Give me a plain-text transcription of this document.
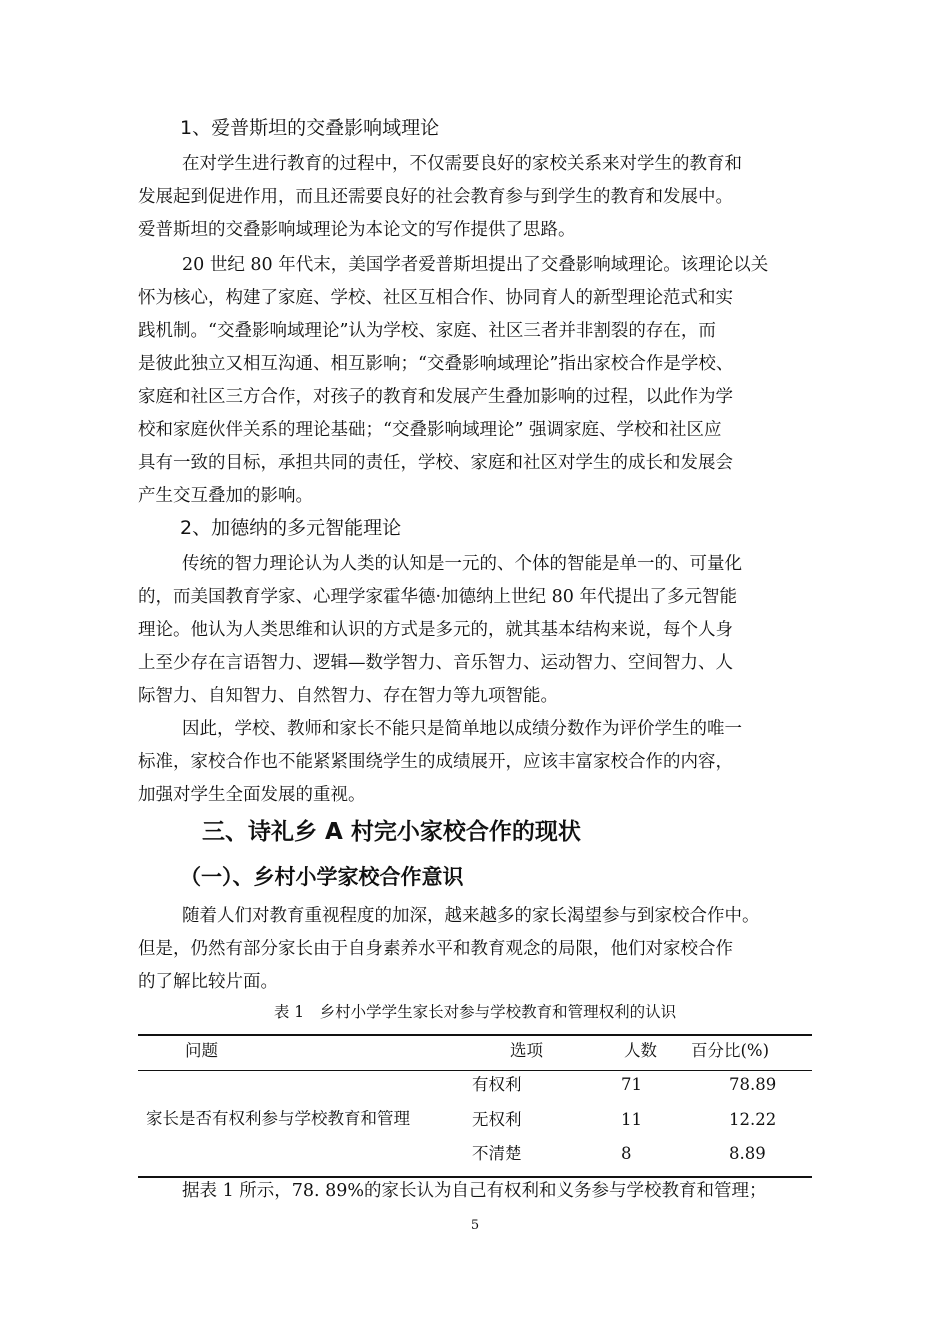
1、爱普斯坦的交叠影响域理论
在对学生进行教育的过程中，不仅需要良好的家校关系来对学生的教育和
发展起到促进作用，而且还需要良好的社会教育参与到学生的教育和发展中。
爱普斯坦的交叠影响域理论为本论文的写作提供了思路。
20 世纪 80 年代末，美国学者爱普斯坦提出了交叠影响域理论。该理论以关
怀为核心，构建了家庭、学校、社区互相合作、协同育人的新型理论范式和实
践机制。“交叠影响域理论”认为学校、家庭、社区三者并非割裂的存在，而
是彼此独立又相互沟通、相互影响；“交叠影响域理论”指出家校合作是学校、
家庭和社区三方合作，对孩子的教育和发展产生叠加影响的过程，以此作为学
校和家庭伙伴关系的理论基础；“交叠影响域理论” 强调家庭、学校和社区应
具有一致的目标，承担共同的责任，学校、家庭和社区对学生的成长和发展会
产生交互叠加的影响。
2、加德纳的多元智能理论
传统的智力理论认为人类的认知是一元的、个体的智能是单一的、可量化
的，而美国教育学家、心理学家霍华德·加德纳上世纪 80 年代提出了多元智能
理论。他认为人类思维和认识的方式是多元的，就其基本结构来说，每个人身
上至少存在言语智力、逻辑—数学智力、音乐智力、运动智力、空间智力、人
际智力、自知智力、自然智力、存在智力等九项智能。
因此，学校、教师和家长不能只是简单地以成绩分数作为评价学生的唯一
标准，家校合作也不能紧紧围绕学生的成绩展开，应该丰富家校合作的内容，
加强对学生全面发展的重视。
三、诗礼乡 A 村完小家校合作的现状
（一）、乡村小学家校合作意识
随着人们对教育重视程度的加深，越来越多的家长渴望参与到家校合作中。
但是，仍然有部分家长由于自身素养水平和教育观念的局限，他们对家校合作
的了解比较片面。

表 1　乡村小学学生家长对参与学校教育和管理权利的认识

问题	选项	人数 百分比(%)
家长是否有权利参与学校教育和管理
有权利	71	78.89
无权利	11	12.22
不清楚	8	8.89
据表 1 所示，78. 89%的家长认为自己有权利和义务参与学校教育和管理；
5
